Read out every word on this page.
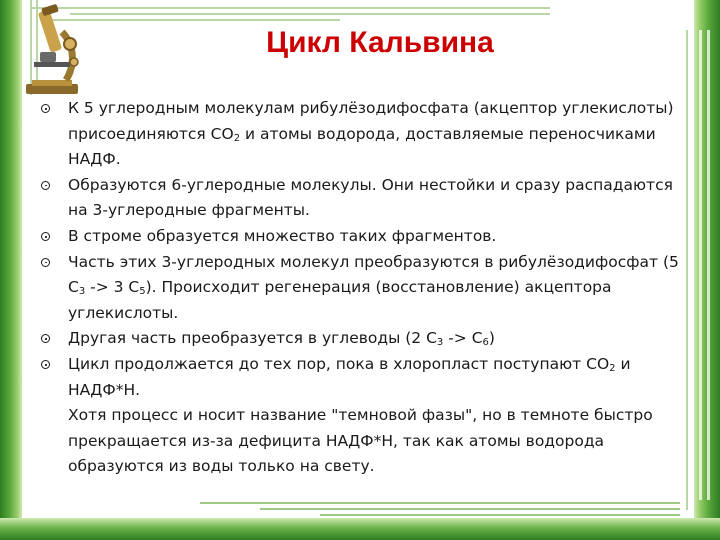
Цикл Кальвина
К 5 углеродным молекулам рибулёзодифосфата (акцептор углекислоты) присоединяются $СО_2$ и атомы водорода, доставляемые переносчиками НАДФ.
Образуются 6-углеродные молекулы. Они нестойки и сразу распадаются на 3-углеродные фрагменты.
В строме образуется множество таких фрагментов.
Часть этих 3-углеродных молекул преобразуются в рибулёзодифосфат (5 $С_3 -> 3$ $С_5$). Происходит регенерация (восстановление) акцептора углекислоты.
Другая часть преобразуется в углеводы (2 $С_3 -> С_6$)
Цикл продолжается до тех пор, пока в хлоропласт поступают $СО_2$ и НАДФ*Н.
Хотя процесс и носит название "темновой фазы", но в темноте быстро прекращается из-за дефицита НАДФ*Н, так как атомы водорода образуются из воды только на свету.
